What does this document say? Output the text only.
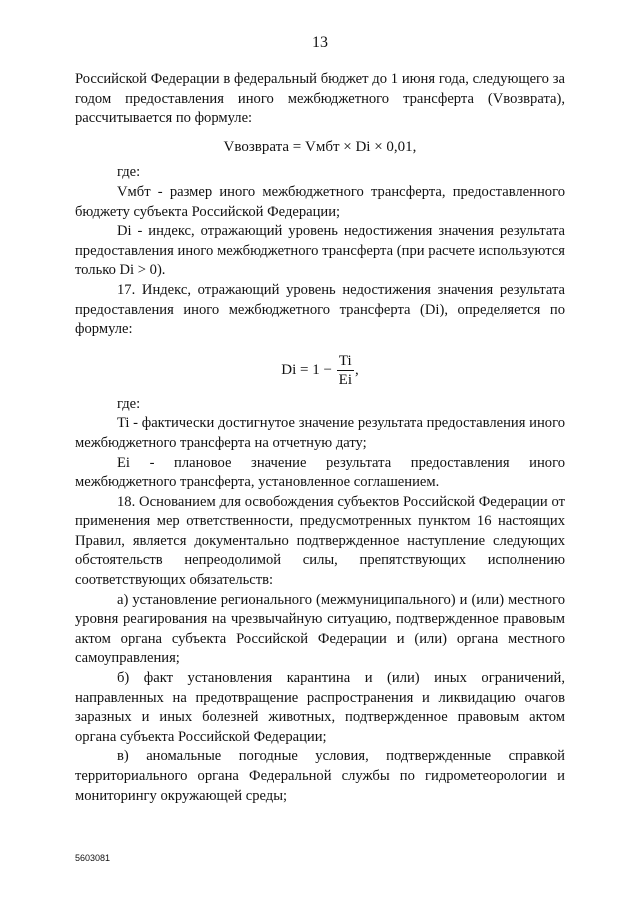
13

Российской Федерации в федеральный бюджет до 1 июня года, следующего за годом предоставления иного межбюджетного трансферта (Vвозврата), рассчитывается по формуле:

Vвозврата = Vмбт × Di × 0,01,

где:

Vмбт - размер иного межбюджетного трансферта, предоставленного бюджету субъекта Российской Федерации;

Di - индекс, отражающий уровень недостижения значения результата предоставления иного межбюджетного трансферта (при расчете используются только Di > 0).

17. Индекс, отражающий уровень недостижения значения результата предоставления иного межбюджетного трансферта (Di), определяется по формуле:

$Di = 1 - \frac{Ti}{Ei}$ ,

где:

Ti - фактически достигнутое значение результата предоставления иного межбюджетного трансферта на отчетную дату;

Ei - плановое значение результата предоставления иного межбюджетного трансферта, установленное соглашением.

18. Основанием для освобождения субъектов Российской Федерации от применения мер ответственности, предусмотренных пунктом 16 настоящих Правил, является документально подтвержденное наступление следующих обстоятельств непреодолимой силы, препятствующих исполнению соответствующих обязательств:

а) установление регионального (межмуниципального) и (или) местного уровня реагирования на чрезвычайную ситуацию, подтвержденное правовым актом органа субъекта Российской Федерации и (или) органа местного самоуправления;

б) факт установления карантина и (или) иных ограничений, направленных на предотвращение распространения и ликвидацию очагов заразных и иных болезней животных, подтвержденное правовым актом органа субъекта Российской Федерации;

в) аномальные погодные условия, подтвержденные справкой территориального органа Федеральной службы по гидрометеорологии и мониторингу окружающей среды;

5603081
